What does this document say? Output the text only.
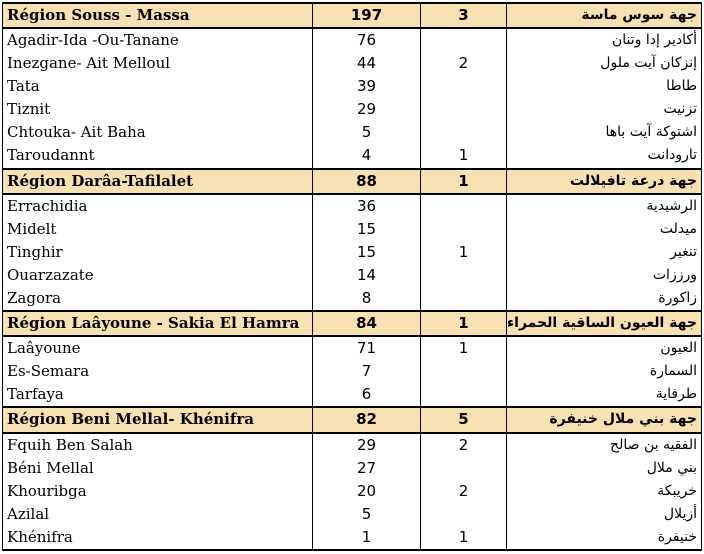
Région Souss - Massa	197	3	جهة سوس ماسة
Agadir-Ida -Ou-Tanane	76		أكادير إدا وتنان
Inezgane- Ait Melloul	44	2	إنزكان آيت ملول
Tata	39		طاطا
Tiznit	29		تزنيت
Chtouka- Ait Baha	5		اشتوكة آيت باها
Taroudannt	4	1	تارودانت
Région Darâa-Tafilalet	88	1	جهة درعة تافيلالت
Errachidia	36		الرشيدية
Midelt	15		ميدلت
Tinghir	15	1	تنغير
Ouarzazate	14		ورززات
Zagora	8		زاكورة
Région Laâyoune - Sakia El Hamra	84	1	جهة العيون الساقية الحمراء
Laâyoune	71	1	العيون
Es-Semara	7		السمارة
Tarfaya	6		طرفاية
Région Beni Mellal- Khénifra	82	5	جهة بني ملال خنيفرة
Fquih Ben Salah	29	2	الفقيه بن صالح
Béni Mellal	27		بني ملال
Khouribga	20	2	خريبكة
Azilal	5		أزيلال
Khénifra	1	1	خنيفرة
